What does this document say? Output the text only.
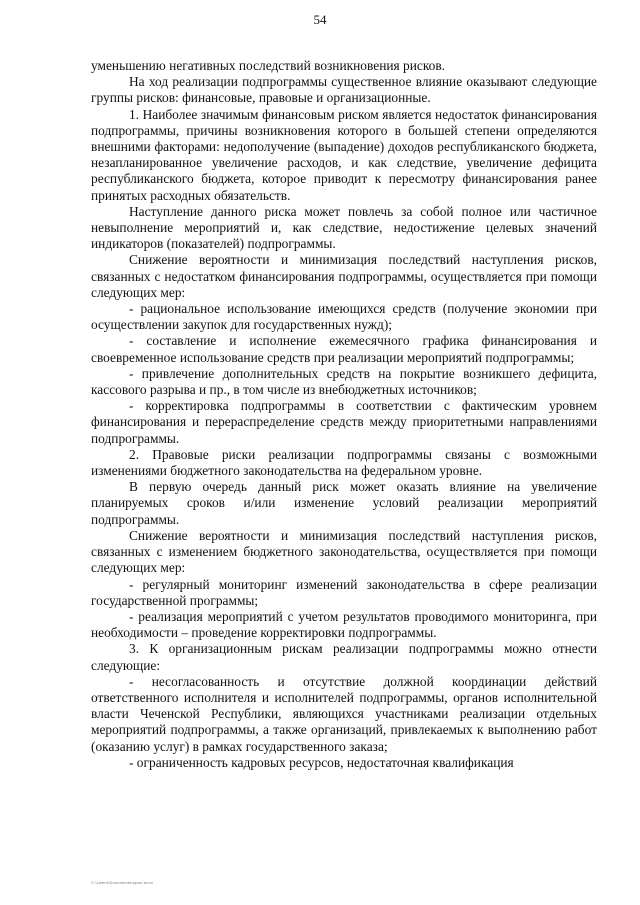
54

уменьшению негативных последствий возникновения рисков.

На ход реализации подпрограммы существенное влияние оказывают следующие группы рисков: финансовые, правовые и организационные.

1. Наиболее значимым финансовым риском является недостаток финансирования подпрограммы, причины возникновения которого в большей степени определяются внешними факторами: недополучение (выпадение) доходов республиканского бюджета, незапланированное увеличение расходов, и как следствие, увеличение дефицита республиканского бюджета, которое приводит к пересмотру финансирования ранее принятых расходных обязательств.

Наступление данного риска может повлечь за собой полное или частичное невыполнение мероприятий и, как следствие, недостижение целевых значений индикаторов (показателей) подпрограммы.

Снижение вероятности и минимизация последствий наступления рисков, связанных с недостатком финансирования подпрограммы, осуществляется при помощи следующих мер:

- рациональное использование имеющихся средств (получение экономии при осуществлении закупок для государственных нужд);

- составление и исполнение ежемесячного графика финансирования и своевременное использование средств при реализации мероприятий подпрограммы;

- привлечение дополнительных средств на покрытие возникшего дефицита, кассового разрыва и пр., в том числе из внебюджетных источников;

- корректировка подпрограммы в соответствии с фактическим уровнем финансирования и перераспределение средств между приоритетными направлениями подпрограммы.

2. Правовые риски реализации подпрограммы связаны с возможными изменениями бюджетного законодательства на федеральном уровне.

В первую очередь данный риск может оказать влияние на увеличение планируемых сроков и/или изменение условий реализации мероприятий подпрограммы.

Снижение вероятности и минимизация последствий наступления рисков, связанных с изменением бюджетного законодательства, осуществляется при помощи следующих мер:

- регулярный мониторинг изменений законодательства в сфере реализации государственной программы;

- реализация мероприятий с учетом результатов проводимого мониторинга, при необходимости – проведение корректировки подпрограммы.

3. К организационным рискам реализации подпрограммы можно отнести следующие:

- несогласованность и отсутствие должной координации действий ответственного исполнителя и исполнителей подпрограммы, органов исполнительной власти Чеченской Республики, являющихся участниками реализации отдельных мероприятий подпрограммы, а также организаций, привлекаемых к выполнению работ (оказанию услуг) в рамках государственного заказа;

- ограниченность кадровых ресурсов, недостаточная квалификация

С:\Users\Documents\прил.docx
